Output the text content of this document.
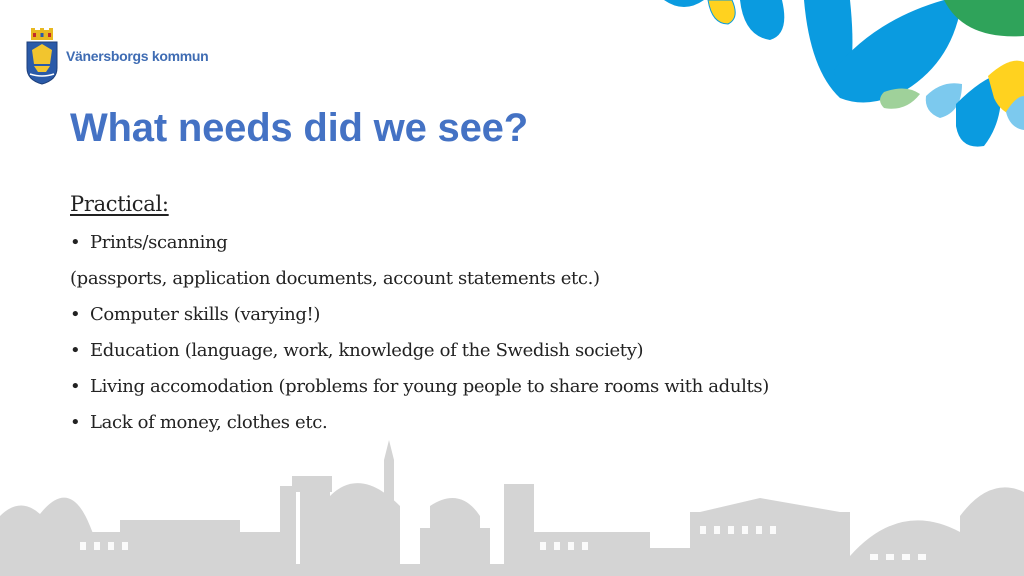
Vänersborgs kommun
What needs did we see?
Practical:
• Prints/scanning
(passports, application documents, account statements etc.)
• Computer skills (varying!)
• Education (language, work, knowledge of the Swedish society)
• Living accomodation (problems for young people to share rooms with adults)
• Lack of money, clothes etc.
